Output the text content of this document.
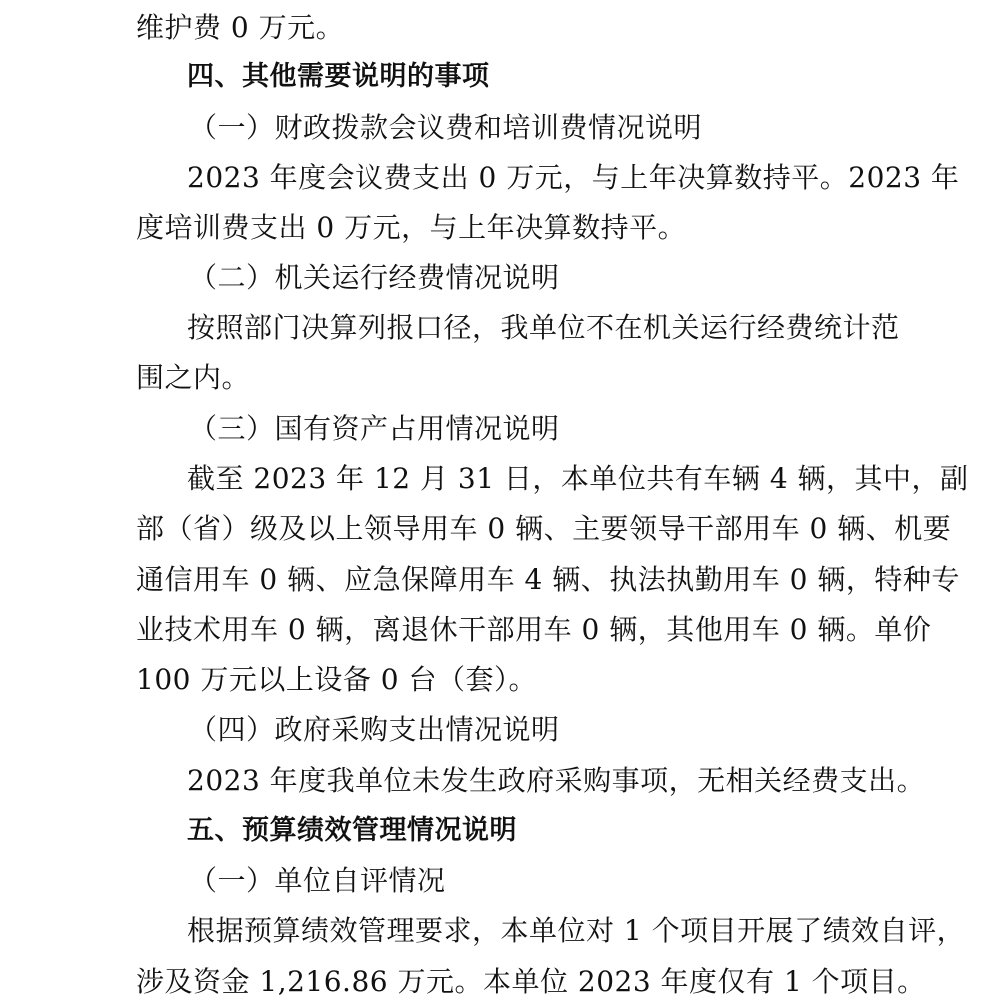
维护费 0 万元。
四、其他需要说明的事项
（一）财政拨款会议费和培训费情况说明
2023 年度会议费支出 0 万元，与上年决算数持平。2023 年
度培训费支出 0 万元，与上年决算数持平。
（二）机关运行经费情况说明
按照部门决算列报口径，我单位不在机关运行经费统计范
围之内。
（三）国有资产占用情况说明
截至 2023 年 12 月 31 日，本单位共有车辆 4 辆，其中，副
部（省）级及以上领导用车 0 辆、主要领导干部用车 0 辆、机要
通信用车 0 辆、应急保障用车 4 辆、执法执勤用车 0 辆，特种专
业技术用车 0 辆，离退休干部用车 0 辆，其他用车 0 辆。单价
100 万元以上设备 0 台（套）。
（四）政府采购支出情况说明
2023 年度我单位未发生政府采购事项，无相关经费支出。
五、预算绩效管理情况说明
（一）单位自评情况
根据预算绩效管理要求，本单位对 1 个项目开展了绩效自评，
涉及资金 1,216.86 万元。本单位 2023 年度仅有 1 个项目。
